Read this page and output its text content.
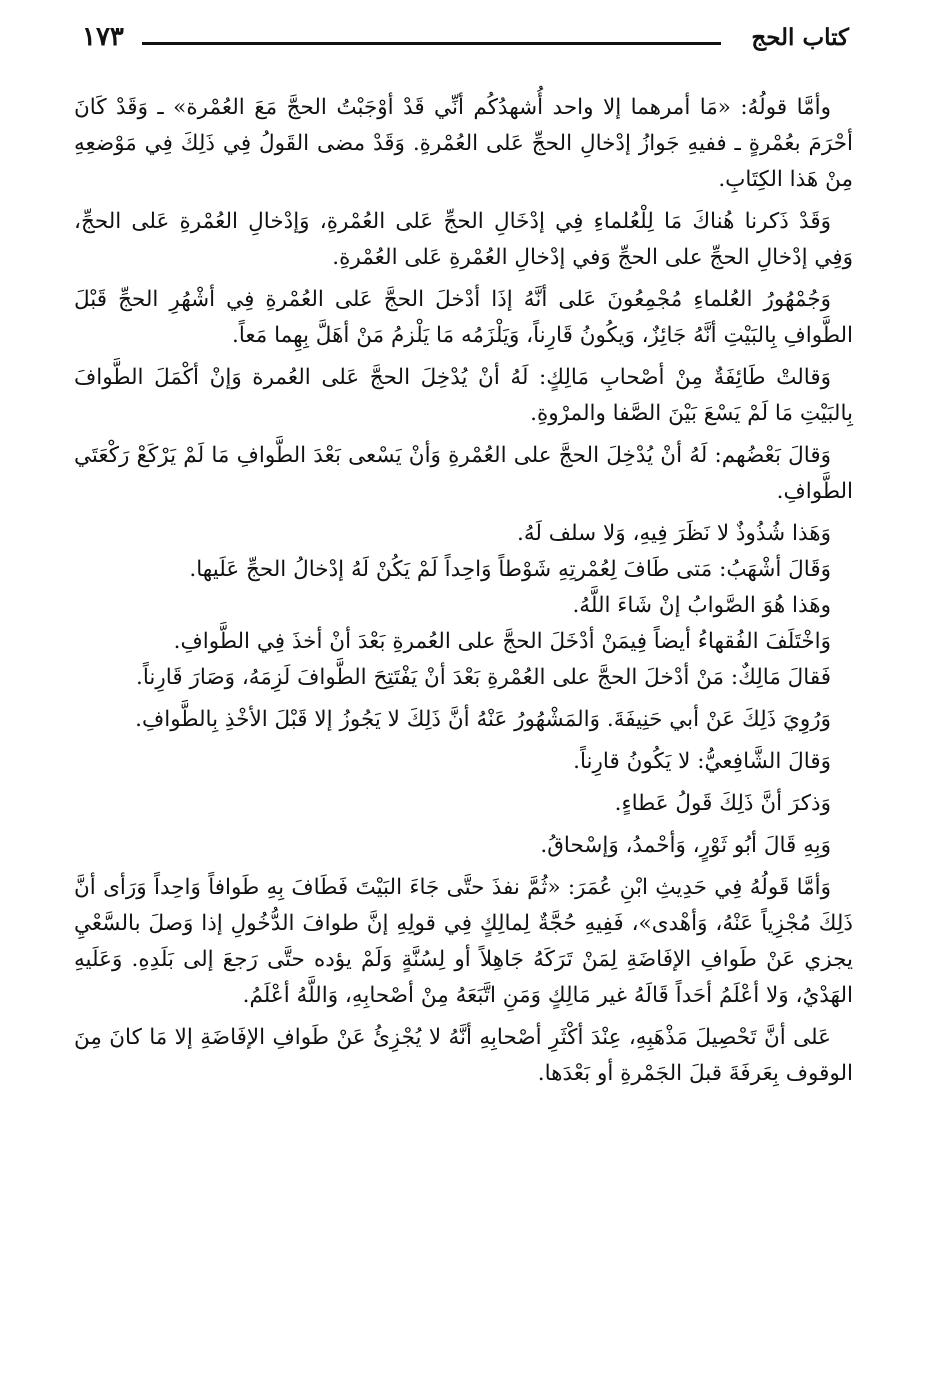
كتاب الحج
١٧٣

وأمَّا قولُهُ: «مَا أمرهما إلا واحد أُشهدُكُم أنِّي قَدْ أوْجَبْتُ الحجَّ مَعَ العُمْرة» ـ وَقَدْ كَانَ أحْرَمَ بعُمْرةٍ ـ ففيهِ جَوازُ إدْخالِ الحجِّ عَلى العُمْرةِ. وَقَدْ مضى القَولُ فِي ذَلِكَ فِي مَوْضعِهِ مِنْ هَذا الكِتَابِ.

وَقَدْ ذَكرنا هُناكَ مَا لِلْعُلماءِ فِي إدْخَالِ الحجِّ عَلى العُمْرةِ، وَإدْخالِ العُمْرةِ عَلى الحجِّ، وَفِي إدْخالِ الحجِّ على الحجِّ وَفي إدْخالِ العُمْرةِ عَلى العُمْرةِ.

وَجُمْهُورُ العُلماءِ مُجْمِعُونَ عَلى أنَّهُ إذَا أدْخلَ الحجَّ عَلى العُمْرةِ فِي أشْهُرِ الحجِّ قَبْلَ الطَّوافِ بِالبَيْتِ أنَّهُ جَائِزٌ، وَيكُونُ قَارِناً، وَيَلْزَمُه مَا يَلْزمُ مَنْ أهَلَّ بِهِما مَعاً.

وَقالتْ طَائِفَةٌ مِنْ أصْحابِ مَالِكٍ: لَهُ أنْ يُدْخِلَ الحجَّ عَلى العُمرة وَإنْ أكْمَلَ الطَّوافَ بِالبَيْتِ مَا لَمْ يَسْعَ بَيْنَ الصَّفا والمرْوةِ.

وَقالَ بَعْضُهم: لَهُ أنْ يُدْخِلَ الحجَّ على العُمْرةِ وَأنْ يَسْعى بَعْدَ الطَّوافِ مَا لَمْ يَرْكَعْ رَكْعَتَي الطَّوافِ.

وَهَذا شُذُوذٌ لا نَظَرَ فِيهِ، وَلا سلف لَهُ.

وَقَالَ أشْهَبُ: مَتى طَافَ لِعُمْرتِهِ شَوْطاً وَاحِداً لَمْ يَكُنْ لَهُ إدْخالُ الحجِّ عَلَيها.

وهَذا هُوَ الصَّوابُ إنْ شَاءَ اللَّهُ.

وَاخْتَلَفَ الفُقهاءُ أيضاً فِيمَنْ أدْخَلَ الحجَّ على العُمرةِ بَعْدَ أنْ أخذَ فِي الطَّوافِ.

فَقالَ مَالِكٌ: مَنْ أدْخلَ الحجَّ على العُمْرةِ بَعْدَ أنْ يَفْتَتِحَ الطَّوافَ لَزِمَهُ، وَصَارَ قَارِناً.

وَرُوِيَ ذَلِكَ عَنْ أبي حَنِيفَةَ. وَالمَشْهُورُ عَنْهُ أنَّ ذَلِكَ لا يَجُوزُ إلا قَبْلَ الأخْذِ بِالطَّوافِ.

وَقالَ الشَّافِعيُّ: لا يَكُونُ قارِناً.

وَذكرَ أنَّ ذَلِكَ قَولُ عَطاءٍ.

وَبِهِ قَالَ أبُو ثَوْرٍ، وَأحْمدُ، وَإسْحاقُ.

وَأمَّا قَولُهُ فِي حَدِيثِ ابْنِ عُمَرَ: «ثُمَّ نفذَ حتَّى جَاءَ البَيْتَ فَطَافَ بِهِ طَوافاً وَاحِداً وَرَأى أنَّ ذَلِكَ مُجْزِياً عَنْهُ، وَأهْدى»، فَفِيهِ حُجَّةٌ لِمالِكٍ فِي قولِهِ إنَّ طوافَ الدُّخُولِ إذا وَصلَ بالسَّعْيِ يجزي عَنْ طَوافِ الإفَاضَةِ لِمَنْ تَرَكَهُ جَاهِلاً أو لِسُنَّةٍ وَلَمْ يؤده حتَّى رَجعَ إلى بَلَدِهِ. وَعَلَيهِ الهَدْيُ، وَلا أعْلَمُ أحَداً قَالَهُ غير مَالِكٍ وَمَنِ اتَّبَعَهُ مِنْ أصْحابِهِ، وَاللَّهُ أعْلَمُ.

عَلى أنَّ تَحْصِيلَ مَذْهَبِهِ، عِنْدَ أكْثَرِ أصْحابِهِ أنَّهُ لا يُجْزِئُ عَنْ طَوافِ الإفَاضَةِ إلا مَا كانَ مِنَ الوقوف بِعَرفَةَ قبلَ الجَمْرةِ أو بَعْدَها.
